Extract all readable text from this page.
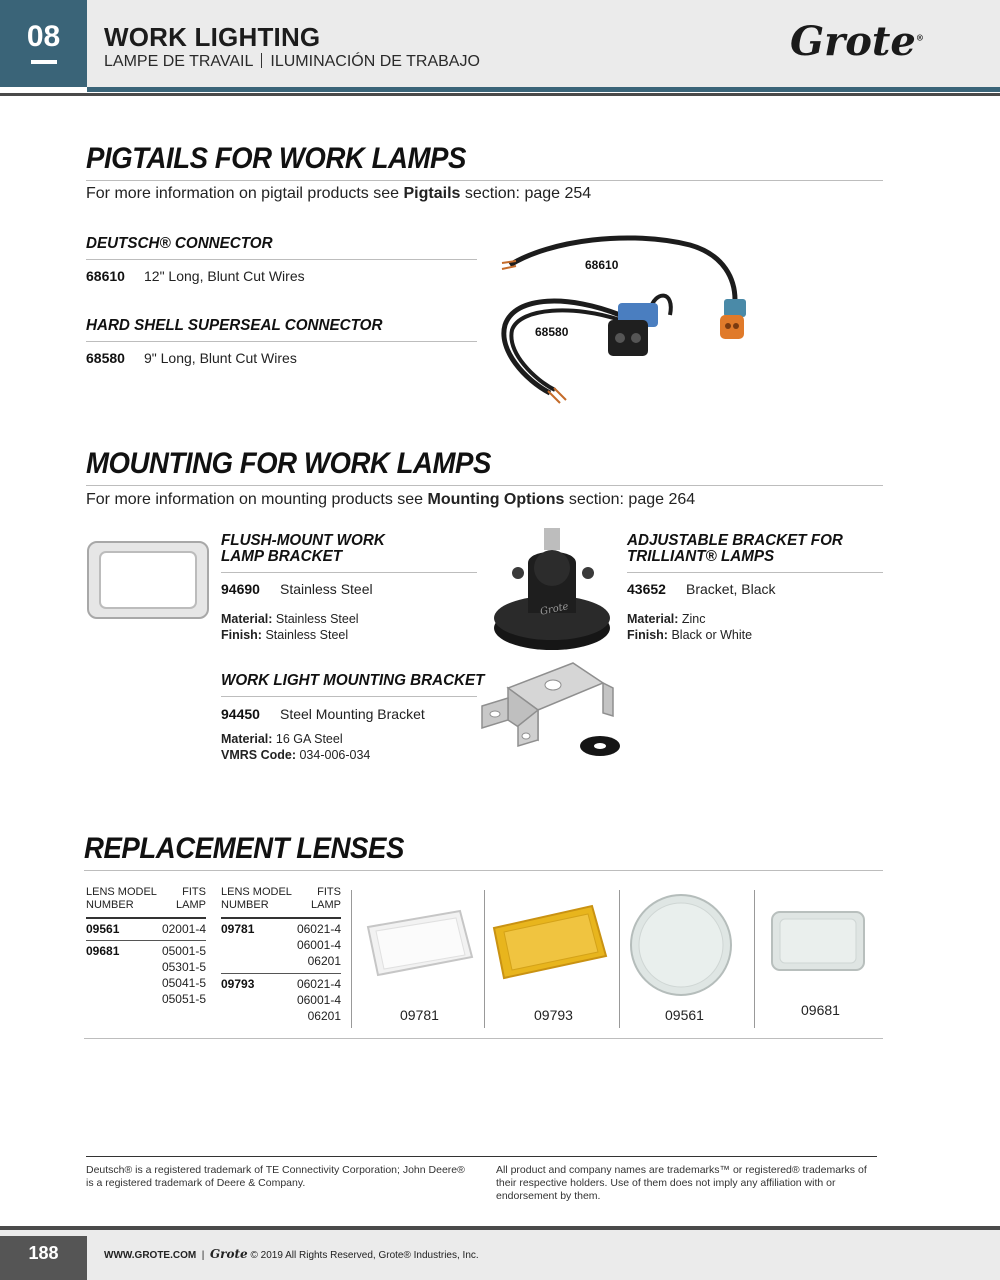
08	WORK LIGHTING
LAMPE DE TRAVAIL ILUMINACIÓN DE TRABAJO	Grote®
PIGTAILS FOR WORK LAMPS
For more information on pigtail products see Pigtails section: page 254
DEUTSCH® CONNECTOR
68610 12" Long, Blunt Cut Wires
HARD SHELL SUPERSEAL CONNECTOR
68580 9" Long, Blunt Cut Wires
68610
68580
MOUNTING FOR WORK LAMPS
For more information on mounting products see Mounting Options section: page 264
FLUSH-MOUNT WORK
LAMP BRACKET
94690 Stainless Steel
Material: Stainless Steel
Finish: Stainless Steel
Grote
WORK LIGHT MOUNTING BRACKET
94450 Steel Mounting Bracket
Material: 16 GA Steel
VMRS Code: 034-006-034
ADJUSTABLE BRACKET FOR
TRILLIANT® LAMPS
43652 Bracket, Black
Material: Zinc
Finish: Black or White
REPLACEMENT LENSES
LENS MODEL
NUMBER
FITS
LAMP
09561	02001-4
09681	05001-5
05301-5
05041-5
05051-5
LENS MODEL
NUMBER
FITS
LAMP
09781	06021-4
06001-4
06201
09793	06021-4
06001-4
06201	09781	09793	09561	09681
Deutsch® is a registered trademark of TE Connectivity Corporation; John Deere® is a registered trademark of Deere & Company.
All product and company names are trademarks™ or registered® trademarks of their respective holders. Use of them does not imply any affiliation with or endorsement by them.
188	WWW.GROTE.COM  |  Grote © 2019 All Rights Reserved, Grote® Industries, Inc.
